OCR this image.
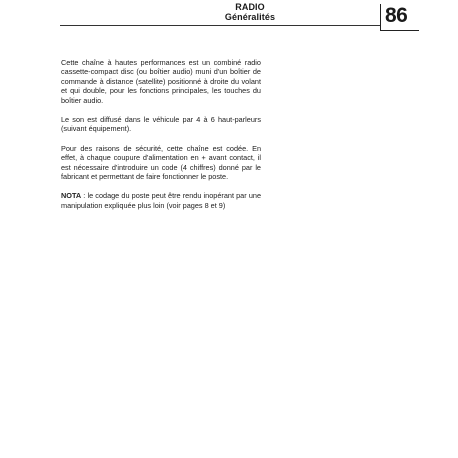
RADIO
Généralités	86

Cette chaîne à hautes performances est un combiné radio cassette-compact disc (ou boîtier audio) muni d'un boîtier de commande à distance (satellite) positionné à droite du volant et qui double, pour les fonctions principales, les touches du boîtier audio.

Le son est diffusé dans le véhicule par 4 à 6 haut-parleurs (suivant équipement).

Pour des raisons de sécurité, cette chaîne est codée. En effet, à chaque coupure d'alimentation en + avant contact, il est nécessaire d'introduire un code (4 chiffres) donné par le fabricant et permettant de faire fonctionner le poste.

NOTA : le codage du poste peut être rendu inopérant par une manipulation expliquée plus loin (voir pages 8 et 9)
